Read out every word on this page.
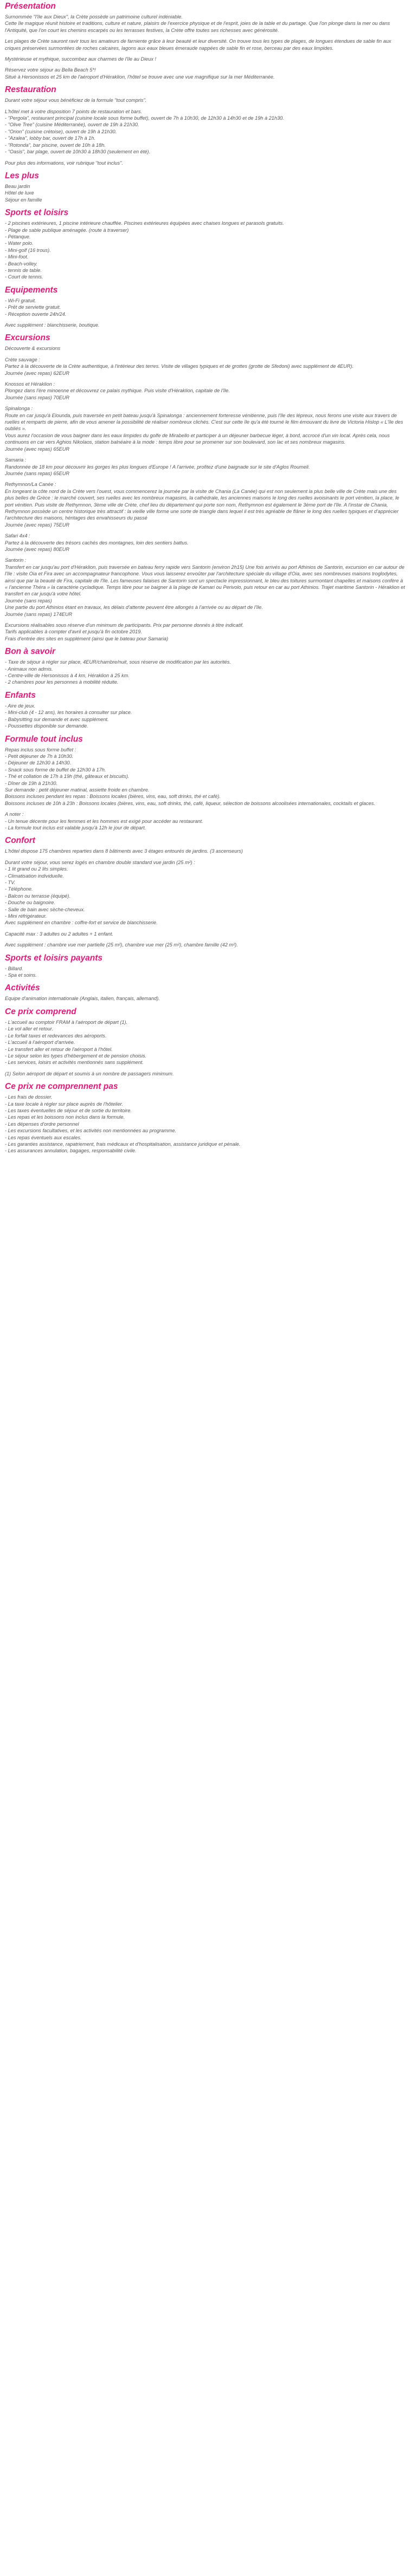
Présentation
Surnommée "l'île aux Dieux", la Crète possède un patrimoine culturel indéniable.
Cette île magique réunit histoire et traditions, culture et nature, plaisirs de l'exercice physique et de l'esprit, joies de la table et du partage. Que l'on plonge dans la mer ou dans l'Antiquité, que l'on court les chemins escarpés ou les terrasses festives, la Crète offre toutes ses richesses avec générosité.
Les plages de Crète sauront ravir tous les amateurs de farniente grâce à leur beauté et leur diversité. On trouve tous les types de plages, de longues étendues de sable fin aux criques préservées surmontées de roches calcaires, lagons aux eaux bleues émeraude nappées de sable fin et rose, berceau par des eaux limpides.
Mystérieuse et mythique, succombez aux charmes de l'île au Dieux !
Réservez votre séjour au Bella Beach 5*!
Situé à Hersonissos et 25 km de l'aéroport d'Héraklion, l'hôtel se trouve avec une vue magnifique sur la mer Méditerranée.
Restauration
Durant votre séjour vous bénéficiez de la formule "tout compris".
L'hôtel met à votre disposition 7 points de restauration et bars.
- "Pergola", restaurant principal (cuisine locale sous forme buffet), ouvert de 7h à 10h30, de 12h30 à 14h30 et de 19h à 21h30.
- "Olive Tree" (cuisine Méditerranée), ouvert de 19h à 21h30.
- "Orion" (cuisine crétoise), ouvert de 19h à 21h30.
- "Azalea", lobby bar, ouvert de 17h à 1h.
- "Rotonda", bar piscine, ouvert de 10h à 18h.
- "Oasis", bar plage, ouvert de 10h30 à 18h30 (seulement en été).
Pour plus des informations, voir rubrique "tout inclus".
Les plus
Beau jardin
Hôtel de luxe
Séjour en famille
Sports et loisirs
- 2 piscines extérieures, 1 piscine intérieure chauffée. Piscines extérieures équipées avec chaises longues et parasols gratuits.
- Plage de sable publique aménagée. (route à traverser)
- Pétanque.
- Water polo.
- Mini-golf (16 trous).
- Mini-foot.
- Beach-volley.
- tennis de table.
- Court de tennis.
Equipements
- Wi-Fi gratuit.
- Prêt de serviette gratuit.
- Réception ouverte 24h/24.
Avec supplément : blanchisserie, boutique.
Excursions
Découverte & excursions
Crète sauvage :
Partez à la découverte de la Crète authentique, à l'intérieur des terres. Visite de villages typiques et de grottes (grotte de Sfedoni) avec supplément de 4EUR).
Journée (avec repas) 62EUR
Knossos et Héraklion :
Plongez dans l'ère minoenne et découvrez ce palais mythique. Puis visite d'Héraklion, capitale de l'île.
Journée (sans repas) 70EUR
Spinalonga :
Route en car jusqu'à Elounda, puis traversée en petit bateau jusqu'à Spinalonga : anciennement forteresse vénitienne, puis l'île des lépreux, nous ferons une visite aux travers de ruelles et remparts de pierre, afin de vous amener la possibilité de réaliser nombreux clichés. C'est sur cette île qu'a été tourné le film émouvant du livre de Victoria Hislop « L'île des oubliés ».
Vous aurez l'occasion de vous baigner dans les eaux limpides du golfe de Mirabello et participer à un déjeuner barbecue léger, à bord, accrocé d'un vin local. Après cela, nous continuons en car vers Aghios Nikolaos, station balnéaire à la mode : temps libre pour se promener sur son boulevard, son lac et ses nombreux magasins.
Journée (avec repas) 65EUR
Samaria :
Randonnée de 18 km pour découvrir les gorges les plus longues d'Europe ! A l'arrivée, profitez d'une baignade sur le site d'Aglos Roumeli.
Journée (sans repas) 65EUR
Rethymnon/La Canée :
En longeant la côte nord de la Crète vers l'ouest, vous commencerez la journée par la visite de Chania (La Canée) qui est non seulement la plus belle ville de Crète mais une des plus belles de Grèce : le marché couvert, ses ruelles avec les nombreux magasins, la cathédrale, les anciennes maisons le long des ruelles avoisinants le port vénitien, la place, le port vénitien. Puis visite de Rethymnon, 3ème ville de Crète, chef lieu du département qui porte son nom, Rethymnon est également le 3ème port de l'île. A l'instar de Chania, Rethymnon possède un centre historique très attractif : la vieille ville forme une sorte de triangle dans lequel il est très agréable de flâner le long des ruelles typiques et d'apprécier l'architecture des maisons, héritages des envahisseurs du passé
Journée (avec repas) 75EUR
Safari 4x4 :
Partez à la découverte des trésors cachés des montagnes, loin des sentiers battus.
Journée (avec repas) 80EUR
Santorin :
Transfert en car jusqu'au port d'Héraklion, puis traversée en bateau ferry rapide vers Santorin (environ 2h15) Une fois arrivés au port Athinios de Santorin, excursion en car autour de l'île : visite Oia et Fira avec un accompagnateur francophone. Vous vous laisserez envoûter par l'architecture spéciale du village d'Oia, avec ses nombreuses maisons troglodytes, ainsi que par la beauté de Fira, capitale de l'île. Les fameuses falaises de Santorin sont un spectacle impressionnant, le bleu des toitures surmontant chapelles et maisons confère à « l'ancienne Théra » la caractérie cycladique. Temps libre pour se baigner à la plage de Kamari ou Perivolo, puis retour en car au port Athinios. Trajet maritime Santorin - Héraklion et transfert en car jusqu'à votre hôtel.
Journée (sans repas)
Une partie du port Athinios étant en travaux, les délais d'attente peuvent être allongés à l'arrivée ou au départ de l'île.
Journée (sans repas) 174EUR
Excursions réalisables sous réserve d'un minimum de participants. Prix par personne donnés à titre indicatif.
Tarifs applicables à compter d'avril et jusqu'à fin octobre 2019.
Frais d'entrée des sites en supplément (ainsi que le bateau pour Samaria)
Bon à savoir
- Taxe de séjour à régler sur place, 4EUR/chambre/nuit, sous réserve de modification par les autorités.
- Animaux non admis.
- Centre-ville de Hersonissos à 4 km, Héraklion à 25 km.
- 2 chambres pour les personnes à mobilité réduite.
Enfants
- Aire de jeux.
- Mini-club (4 - 12 ans), les horaires à consulter sur place.
- Babysitting sur demande et avec supplément.
- Poussettes disponible sur demande.
Formule tout inclus
Repas inclus sous forme buffet :
- Petit déjeuner de 7h à 10h30.
- Déjeuner de 12h30 à 14h30.
- Snack sous forme de buffet de 12h30 à 17h.
- Thé et collation de 17h à 19h (thé, gâteaux et biscuits).
- Dîner de 19h à 21h30.
Sur demande : petit déjeuner matinal, assiette froide en chambre.
Boissons incluses pendant les repas : Boissons locales (bières, vins, eau, soft drinks, thé et café).
Boissons incluses de 10h à 23h : Boissons locales (bières, vins, eau, soft drinks, thé, café, liqueur, sélection de boissons alcoolisées internationales, cocktails et glaces.
A noter :
- Un tenue décente pour les femmes et les hommes est exigé pour accéder au restaurant.
- La formule tout inclus est valable jusqu'à 12h le jour de départ.
Confort
L'hôtel dispose 175 chambres reparties dans 8 bâtiments avec 3 étages entourés de jardins. (3 ascenseurs)
Durant votre séjour, vous serez logés en chambre double standard vue jardin (25 m²) :
- 1 lit grand ou 2 lits simples.
- Climatisation individuelle.
- TV.
- Téléphone.
- Balcon ou terrasse (équipé).
- Douche ou baignoire.
- Salle de bain avec sèche-cheveux.
- Mini réfrigérateur.
Avec supplément en chambre : coffre-fort et service de blanchisserie.
Capacité max : 3 adultes ou 2 adultes + 1 enfant.
Avec supplément : chambre vue mer partielle (25 m²), chambre vue mer (25 m²), chambre famille (42 m²).
Sports et loisirs payants
- Billard.
- Spa et soins.
Activités
Equipe d'animation internationale (Anglais, italien, français, allemand).
Ce prix comprend
- L'accueil au comptoir FRAM à l'aéroport de départ (1).
- Le vol aller et retour.
- Le forfait taxes et redevances des aéroports.
- L'accueil à l'aéroport d'arrivée.
- Le transfert aller et retour de l'aéroport à l'hôtel.
- Le séjour selon les types d'hébergement et de pension choisis.
- Les services, loisirs et activités mentionnés sans supplément.
(1) Selon aéroport de départ et soumis à un nombre de passagers minimum.
Ce prix ne comprennent pas
- Les frais de dossier.
- La taxe locale à régler sur place auprès de l'hôtelier.
- Les taxes éventuelles de séjour et de sortie du territoire.
- Les repas et les boissons non inclus dans la formule.
- Les dépenses d'ordre personnel
- Les excursions facultatives, et les activités non mentionnées au programme.
- Les repas éventuels aux escales.
- Les garanties assistance, rapatriement, frais médicaux et d'hospitalisation, assistance juridique et pénale.
- Les assurances annulation, bagages, responsabilité civile.
